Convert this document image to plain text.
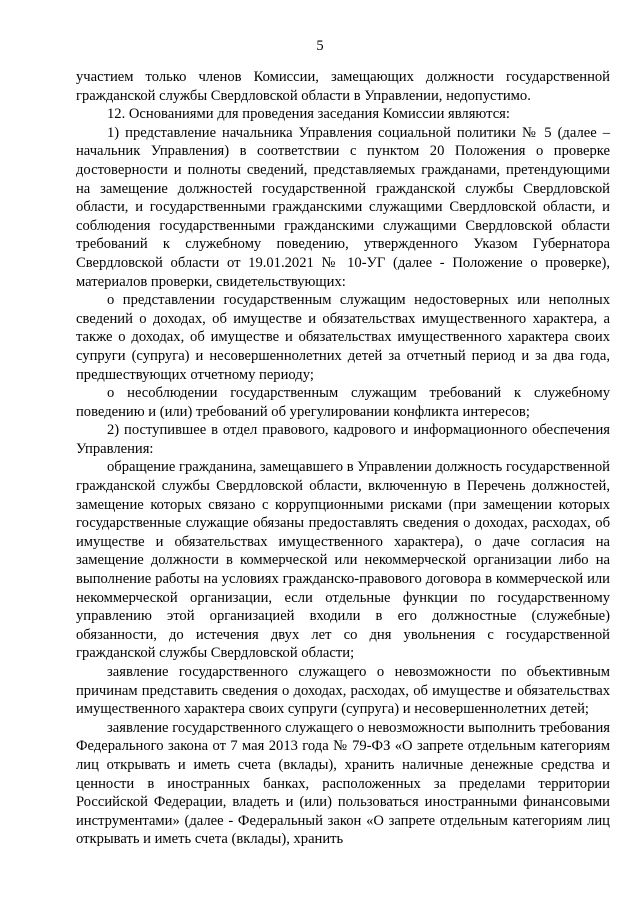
5

участием только членов Комиссии, замещающих должности государственной гражданской службы Свердловской области в Управлении, недопустимо.

12. Основаниями для проведения заседания Комиссии являются:

1) представление начальника Управления социальной политики № 5 (далее – начальник Управления) в соответствии с пунктом 20 Положения о проверке достоверности и полноты сведений, представляемых гражданами, претендующими на замещение должностей государственной гражданской службы Свердловской области, и государственными гражданскими служащими Свердловской области, и соблюдения государственными гражданскими служащими Свердловской области требований к служебному поведению, утвержденного Указом Губернатора Свердловской области от 19.01.2021 № 10-УГ (далее - Положение о проверке), материалов проверки, свидетельствующих:

о представлении государственным служащим недостоверных или неполных сведений о доходах, об имуществе и обязательствах имущественного характера, а также о доходах, об имуществе и обязательствах имущественного характера своих супруги (супруга) и несовершеннолетних детей за отчетный период и за два года, предшествующих отчетному периоду;

о несоблюдении государственным служащим требований к служебному поведению и (или) требований об урегулировании конфликта интересов;

2) поступившее в отдел правового, кадрового и информационного обеспечения Управления:

обращение гражданина, замещавшего в Управлении должность государственной гражданской службы Свердловской области, включенную в Перечень должностей, замещение которых связано с коррупционными рисками (при замещении которых государственные служащие обязаны предоставлять сведения о доходах, расходах, об имуществе и обязательствах имущественного характера), о даче согласия на замещение должности в коммерческой или некоммерческой организации либо на выполнение работы на условиях гражданско-правового договора в коммерческой или некоммерческой организации, если отдельные функции по государственному управлению этой организацией входили в его должностные (служебные) обязанности, до истечения двух лет со дня увольнения с государственной гражданской службы Свердловской области;

заявление государственного служащего о невозможности по объективным причинам представить сведения о доходах, расходах, об имуществе и обязательствах имущественного характера своих супруги (супруга) и несовершеннолетних детей;

заявление государственного служащего о невозможности выполнить требования Федерального закона от 7 мая 2013 года № 79-ФЗ «О запрете отдельным категориям лиц открывать и иметь счета (вклады), хранить наличные денежные средства и ценности в иностранных банках, расположенных за пределами территории Российской Федерации, владеть и (или) пользоваться иностранными финансовыми инструментами» (далее - Федеральный закон «О запрете отдельным категориям лиц открывать и иметь счета (вклады), хранить
